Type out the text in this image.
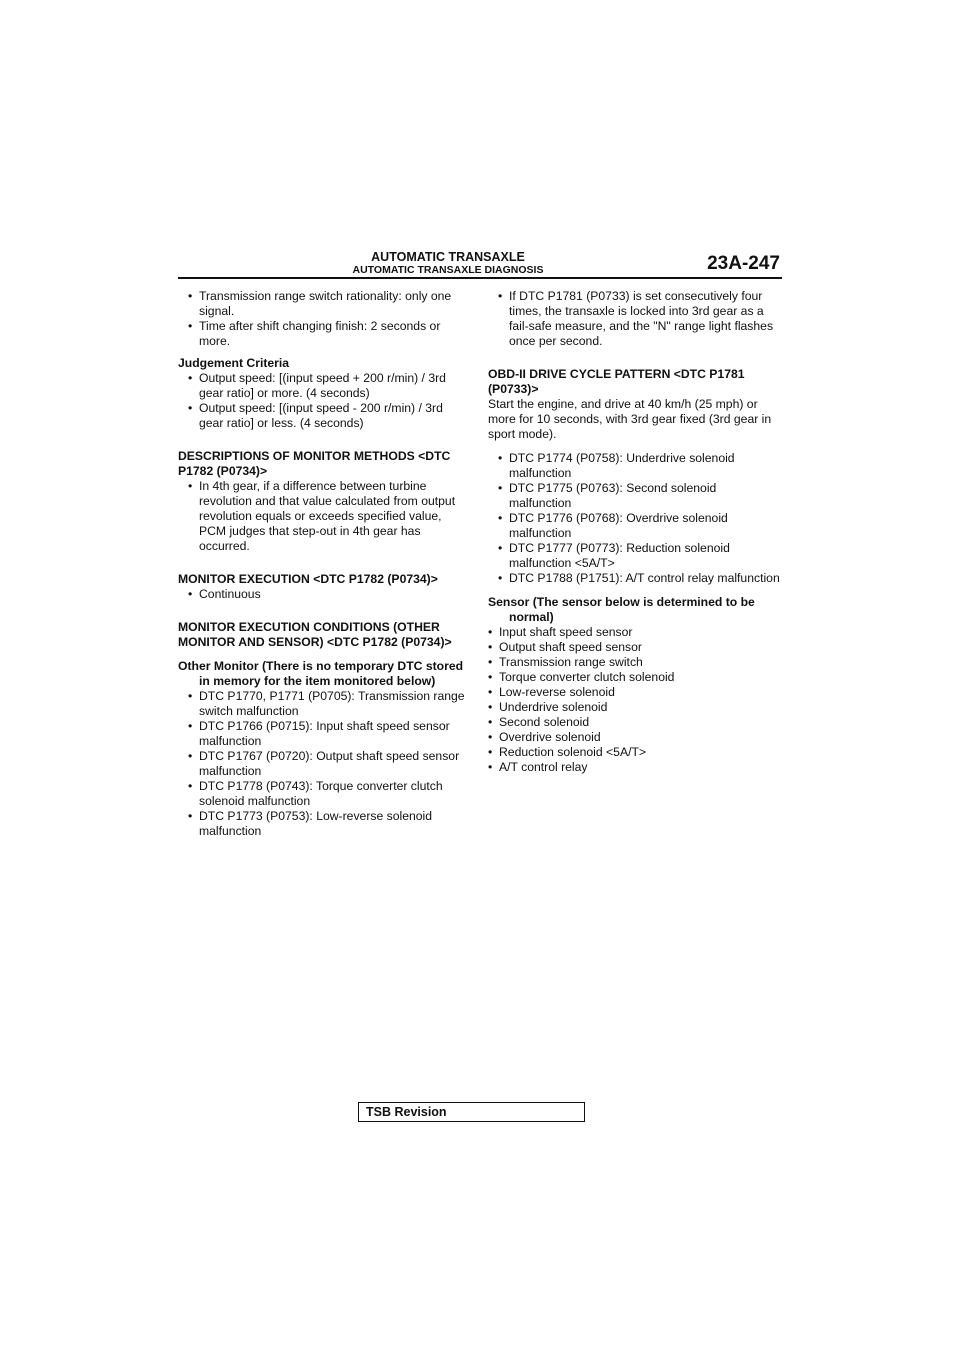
AUTOMATIC TRANSAXLE
AUTOMATIC TRANSAXLE DIAGNOSIS	23A-247
• Transmission range switch rationality: only one signal.
• Time after shift changing finish: 2 seconds or more.

Judgement Criteria

• Output speed: [(input speed + 200 r/min) / 3rd gear ratio] or more. (4 seconds)
• Output speed: [(input speed - 200 r/min) / 3rd gear ratio] or less. (4 seconds)

DESCRIPTIONS OF MONITOR METHODS <DTC P1782 (P0734)>

• In 4th gear, if a difference between turbine revolution and that value calculated from output revolution equals or exceeds specified value, PCM judges that step-out in 4th gear has occurred.

MONITOR EXECUTION <DTC P1782 (P0734)>

• Continuous

MONITOR EXECUTION CONDITIONS (OTHER MONITOR AND SENSOR) <DTC P1782 (P0734)>

Other Monitor (There is no temporary DTC stored in memory for the item monitored below)

• DTC P1770, P1771 (P0705): Transmission range switch malfunction
• DTC P1766 (P0715): Input shaft speed sensor malfunction
• DTC P1767 (P0720): Output shaft speed sensor malfunction
• DTC P1778 (P0743): Torque converter clutch solenoid malfunction
• DTC P1773 (P0753): Low-reverse solenoid malfunction
• If DTC P1781 (P0733) is set consecutively four times, the transaxle is locked into 3rd gear as a fail-safe measure, and the "N" range light flashes once per second.

OBD-II DRIVE CYCLE PATTERN <DTC P1781 (P0733)>

Start the engine, and drive at 40 km/h (25 mph) or more for 10 seconds, with 3rd gear fixed (3rd gear in sport mode).

• DTC P1774 (P0758): Underdrive solenoid malfunction
• DTC P1775 (P0763): Second solenoid malfunction
• DTC P1776 (P0768): Overdrive solenoid malfunction
• DTC P1777 (P0773): Reduction solenoid malfunction <5A/T>
• DTC P1788 (P1751): A/T control relay malfunction

Sensor (The sensor below is determined to be normal)

• Input shaft speed sensor
• Output shaft speed sensor
• Transmission range switch
• Torque converter clutch solenoid
• Low-reverse solenoid
• Underdrive solenoid
• Second solenoid
• Overdrive solenoid
• Reduction solenoid <5A/T>
• A/T control relay
TSB Revision
